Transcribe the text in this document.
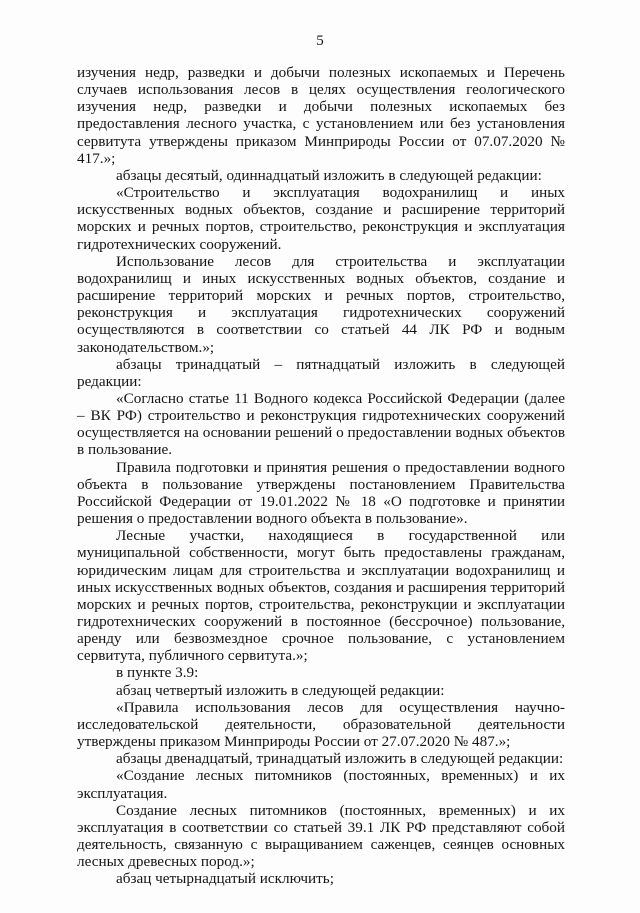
5

изучения недр, разведки и добычи полезных ископаемых и Перечень случаев использования лесов в целях осуществления геологического изучения недр, разведки и добычи полезных ископаемых без предоставления лесного участка, с установлением или без установления сервитута утверждены приказом Минприроды России от 07.07.2020 № 417.»;

абзацы десятый, одиннадцатый изложить в следующей редакции:

«Строительство и эксплуатация водохранилищ и иных искусственных водных объектов, создание и расширение территорий морских и речных портов, строительство, реконструкция и эксплуатация гидротехнических сооружений.

Использование лесов для строительства и эксплуатации водохранилищ и иных искусственных водных объектов, создание и расширение территорий морских и речных портов, строительство, реконструкция и эксплуатация гидротехнических сооружений осуществляются в соответствии со статьей 44 ЛК РФ и водным законодательством.»;

абзацы тринадцатый – пятнадцатый изложить в следующей редакции:

«Согласно статье 11 Водного кодекса Российской Федерации (далее – ВК РФ) строительство и реконструкция гидротехнических сооружений осуществляется на основании решений о предоставлении водных объектов в пользование.

Правила подготовки и принятия решения о предоставлении водного объекта в пользование утверждены постановлением Правительства Российской Федерации от 19.01.2022 № 18 «О подготовке и принятии решения о предоставлении водного объекта в пользование».

Лесные участки, находящиеся в государственной или муниципальной собственности, могут быть предоставлены гражданам, юридическим лицам для строительства и эксплуатации водохранилищ и иных искусственных водных объектов, создания и расширения территорий морских и речных портов, строительства, реконструкции и эксплуатации гидротехнических сооружений в постоянное (бессрочное) пользование, аренду или безвозмездное срочное пользование, с установлением сервитута, публичного сервитута.»;

в пункте 3.9:

абзац четвертый изложить в следующей редакции:

«Правила использования лесов для осуществления научно-исследовательской деятельности, образовательной деятельности утверждены приказом Минприроды России от 27.07.2020 № 487.»;

абзацы двенадцатый, тринадцатый изложить в следующей редакции:

«Создание лесных питомников (постоянных, временных) и их эксплуатация.

Создание лесных питомников (постоянных, временных) и их эксплуатация в соответствии со статьей 39.1 ЛК РФ представляют собой деятельность, связанную с выращиванием саженцев, сеянцев основных лесных древесных пород.»;

абзац четырнадцатый исключить;
